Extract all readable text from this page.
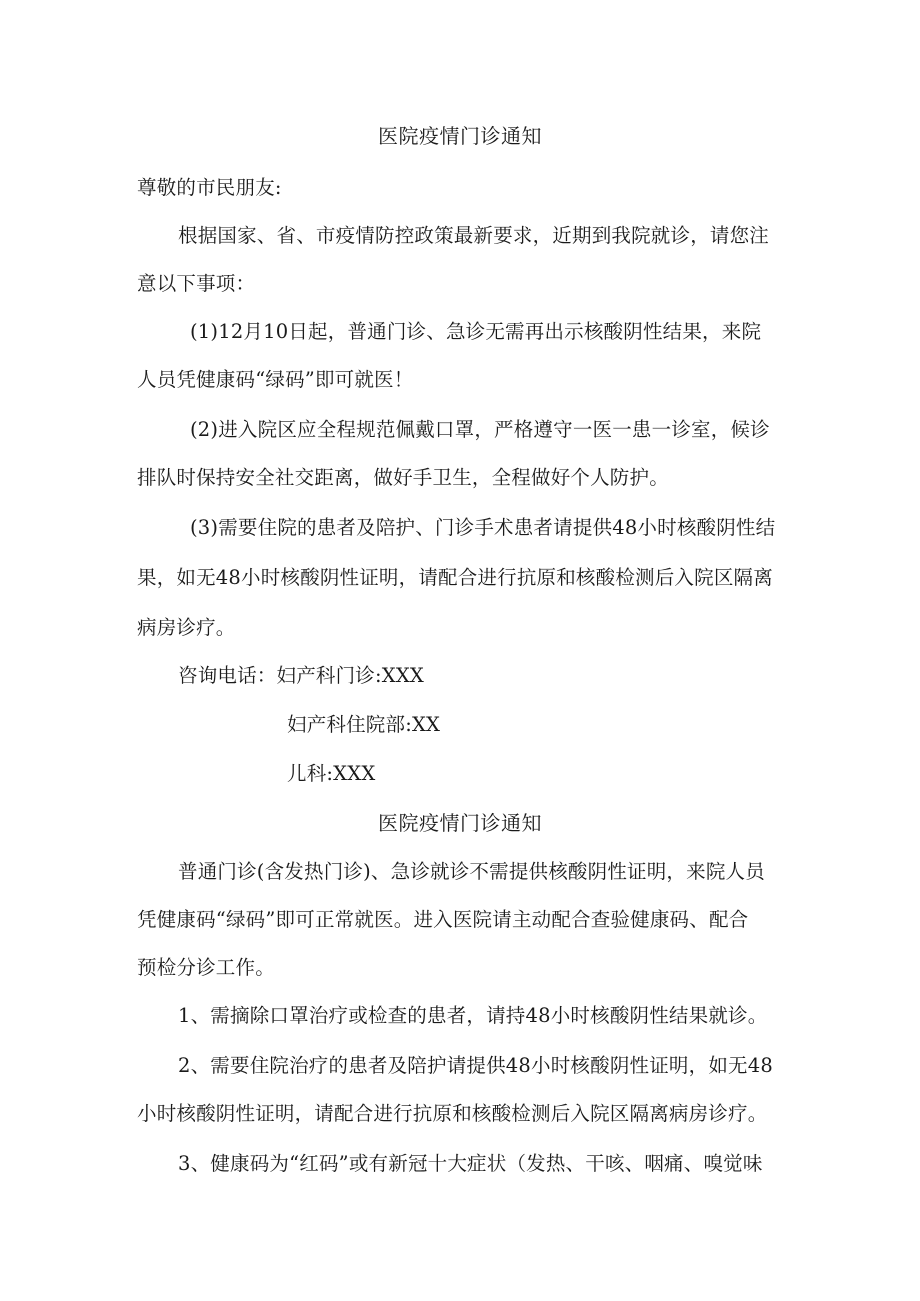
医院疫情门诊通知
尊敬的市民朋友:
根据国家、省、市疫情防控政策最新要求，近期到我院就诊，请您注
意以下事项：
(1)12月10日起，普通门诊、急诊无需再出示核酸阴性结果，来院
人员凭健康码“绿码”即可就医！
(2)进入院区应全程规范佩戴口罩，严格遵守一医一患一诊室，候诊
排队时保持安全社交距离，做好手卫生，全程做好个人防护。
(3)需要住院的患者及陪护、门诊手术患者请提供48小时核酸阴性结
果，如无48小时核酸阴性证明，请配合进行抗原和核酸检测后入院区隔离
病房诊疗。
咨询电话：妇产科门诊:XXX
妇产科住院部:XX
儿科:XXX
医院疫情门诊通知
普通门诊(含发热门诊)、急诊就诊不需提供核酸阴性证明，来院人员
凭健康码“绿码”即可正常就医。进入医院请主动配合查验健康码、配合
预检分诊工作。
1、需摘除口罩治疗或检查的患者，请持48小时核酸阴性结果就诊。
2、需要住院治疗的患者及陪护请提供48小时核酸阴性证明，如无48
小时核酸阴性证明，请配合进行抗原和核酸检测后入院区隔离病房诊疗。
3、健康码为“红码”或有新冠十大症状（发热、干咳、咽痛、嗅觉味
